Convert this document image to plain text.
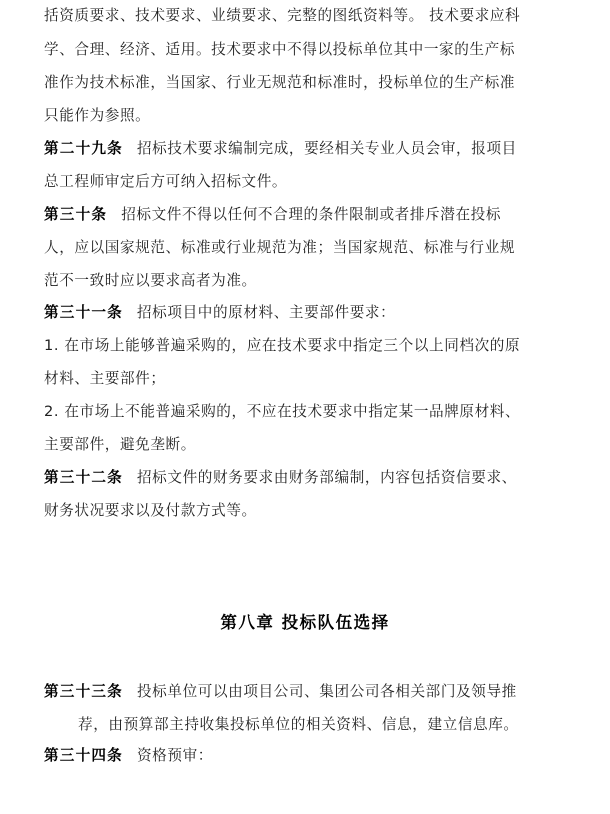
括资质要求、技术要求、业绩要求、完整的图纸资料等。 技术要求应科
学、合理、经济、适用。技术要求中不得以投标单位其中一家的生产标
准作为技术标准，当国家、行业无规范和标准时，投标单位的生产标准
只能作为参照。
第二十九条 招标技术要求编制完成，要经相关专业人员会审，报项目
总工程师审定后方可纳入招标文件。
第三十条 招标文件不得以任何不合理的条件限制或者排斥潜在投标
人，应以国家规范、标准或行业规范为准；当国家规范、标准与行业规
范不一致时应以要求高者为准。
第三十一条 招标项目中的原材料、主要部件要求：
1. 在市场上能够普遍采购的，应在技术要求中指定三个以上同档次的原
材料、主要部件；
2. 在市场上不能普遍采购的，不应在技术要求中指定某一品牌原材料、
主要部件，避免垄断。
第三十二条 招标文件的财务要求由财务部编制，内容包括资信要求、
财务状况要求以及付款方式等。
第八章 投标队伍选择
第三十三条 投标单位可以由项目公司、集团公司各相关部门及领导推
荐，由预算部主持收集投标单位的相关资料、信息，建立信息库。
第三十四条 资格预审：
